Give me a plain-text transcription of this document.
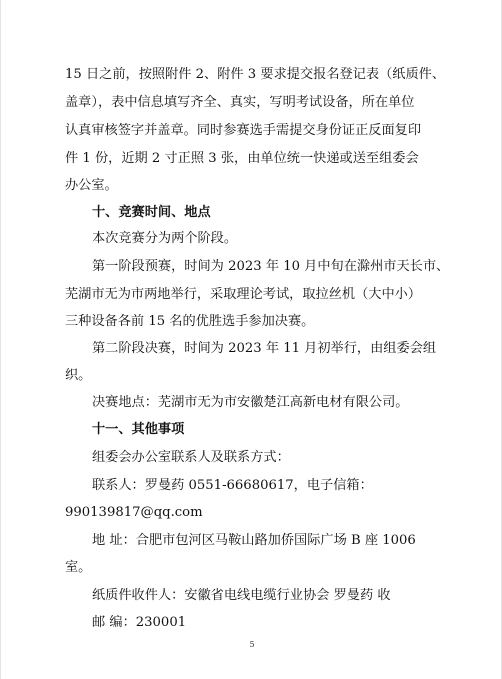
15 日之前，按照附件 2、附件 3 要求提交报名登记表（纸质件、
盖章），表中信息填写齐全、真实，写明考试设备，所在单位
认真审核签字并盖章。同时参赛选手需提交身份证正反面复印
件 1 份，近期 2 寸正照 3 张，由单位统一快递或送至组委会
办公室。
十、竞赛时间、地点
本次竞赛分为两个阶段。
第一阶段预赛，时间为 2023 年 10 月中旬在滁州市天长市、
芜湖市无为市两地举行，采取理论考试，取拉丝机（大中小）
三种设备各前 15 名的优胜选手参加决赛。
第二阶段决赛，时间为 2023 年 11 月初举行，由组委会组
织。
决赛地点：芜湖市无为市安徽楚江高新电材有限公司。
十一、其他事项
组委会办公室联系人及联系方式：
联系人：罗曼药 0551-66680617，电子信箱：
990139817@qq.com
地 址：合肥市包河区马鞍山路加侨国际广场 B 座 1006
室。
纸质件收件人：安徽省电线电缆行业协会 罗曼药 收
邮 编：230001
5
